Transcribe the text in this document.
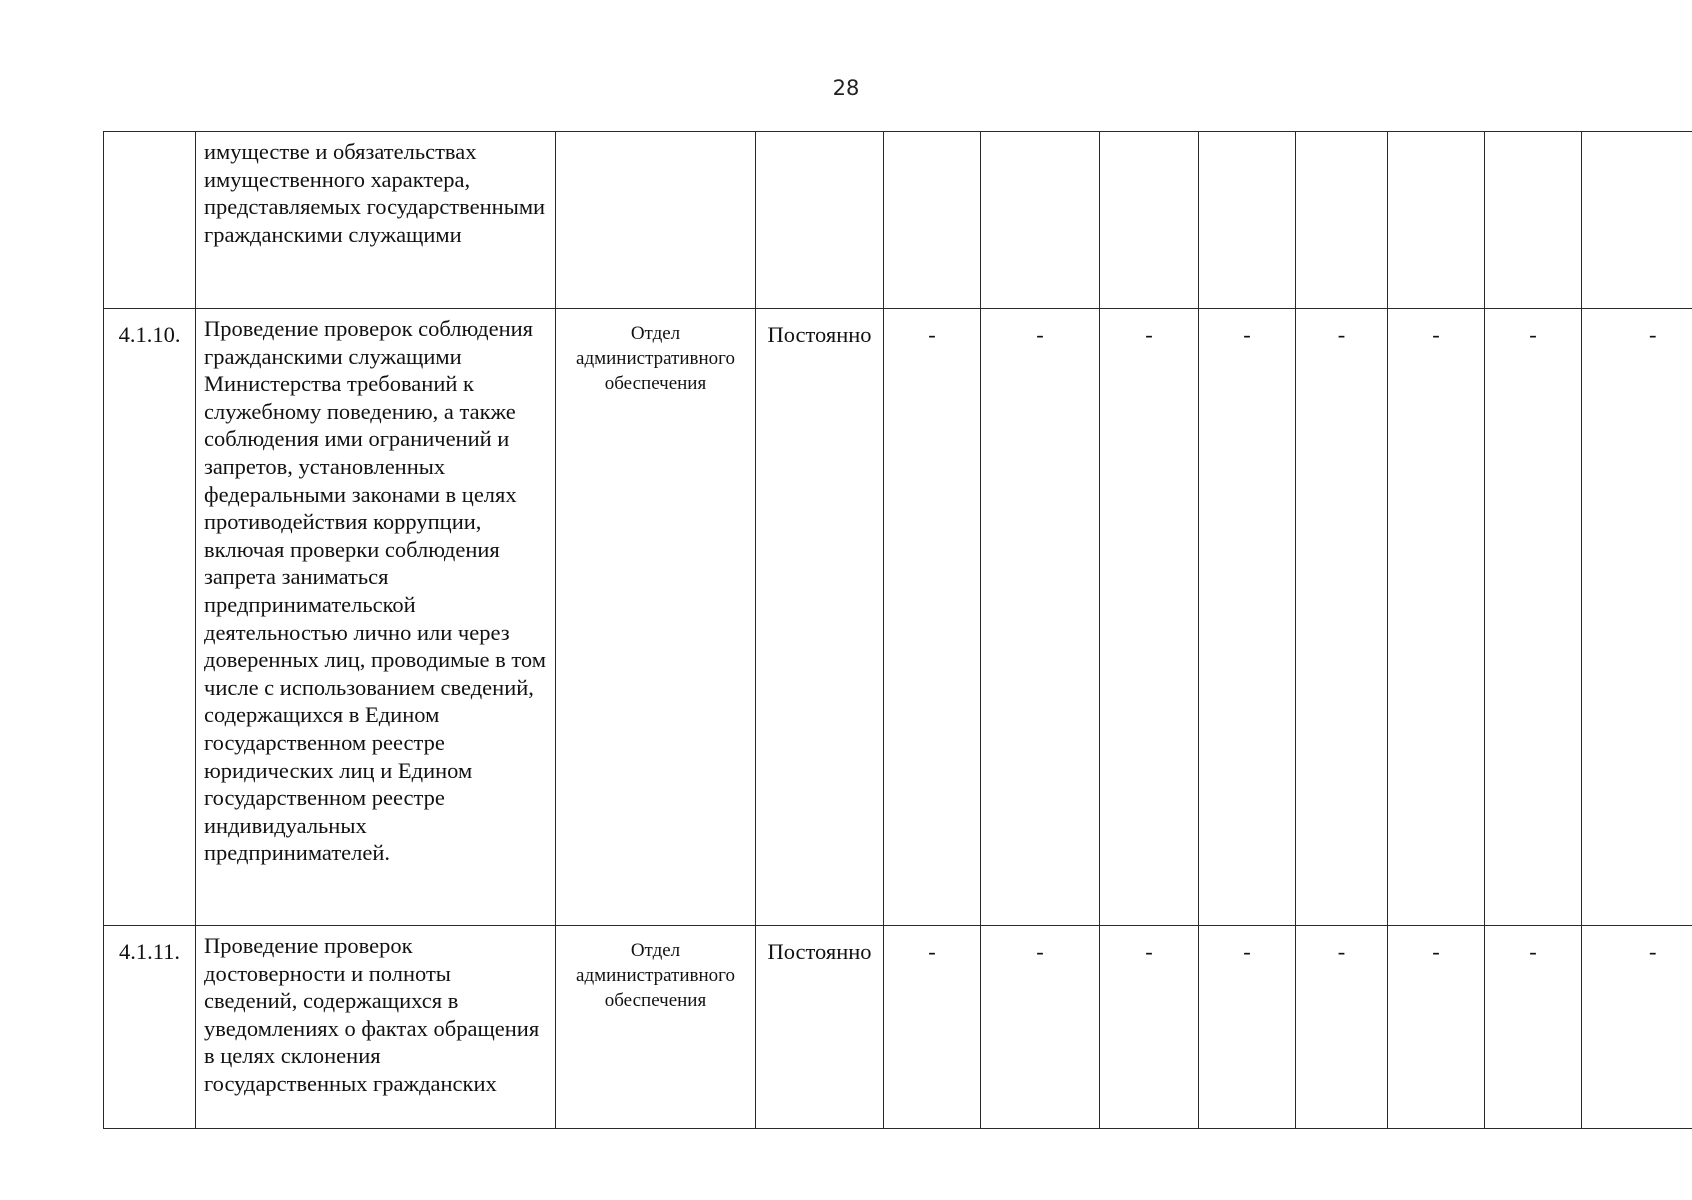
28
	имуществе и обязательствах имущественного характера, представляемых государственными гражданскими служащими										
4.1.10.	Проведение проверок соблюдения гражданскими служащими Министерства требований к служебному поведению, а также соблюдения ими ограничений и запретов, установленных федеральными законами в целях противодействия коррупции, включая проверки соблюдения запрета заниматься предпринимательской деятельностью лично или через доверенных лиц, проводимые в том числе с использованием сведений, содержащихся в Едином государственном реестре юридических лиц и Едином государственном реестре индивидуальных предпринимателей.	Отдел административного обеспечения	Постоянно	-	-	-	-	-	-	-	-
4.1.11.	Проведение проверок достоверности и полноты сведений, содержащихся в уведомлениях о фактах обращения в целях склонения государственных гражданских	Отдел административного обеспечения	Постоянно	-	-	-	-	-	-	-	-
